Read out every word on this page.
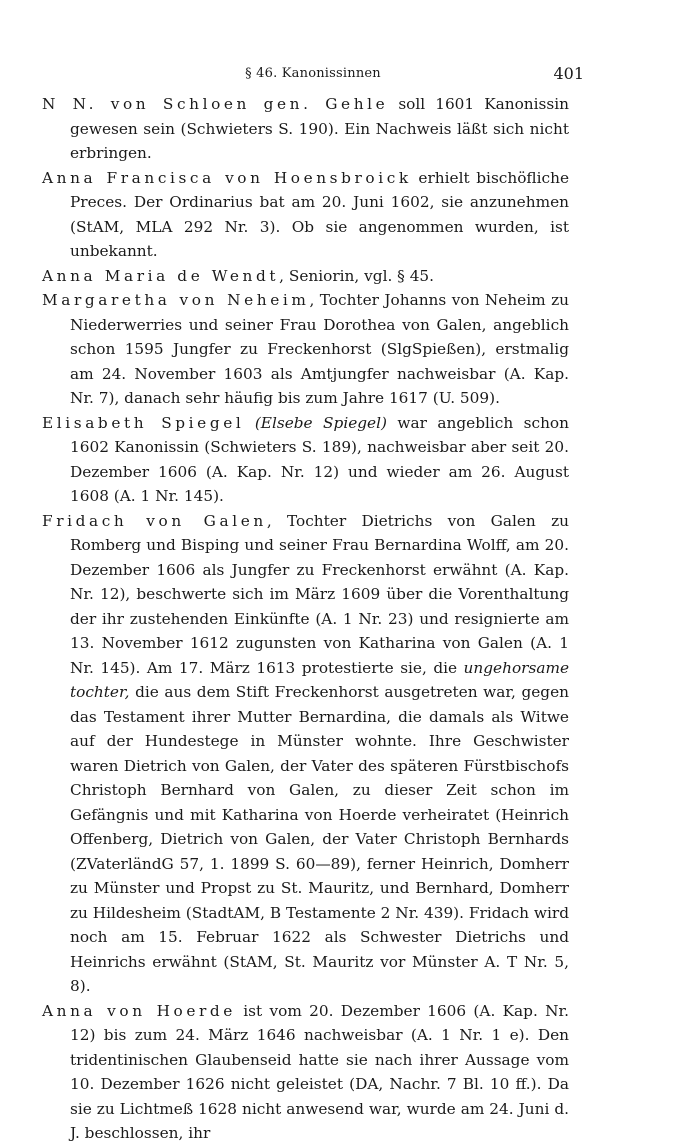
§ 46. Kanonissinnen	401

N N. von Schloen gen. Gehle soll 1601 Kanonissin gewesen sein (Schwieters S. 190). Ein Nachweis läßt sich nicht erbringen.

Anna Francisca von Hoensbroick erhielt bischöfliche Preces. Der Ordinarius bat am 20. Juni 1602, sie anzunehmen (StAM, MLA 292 Nr. 3). Ob sie angenommen wurden, ist unbekannt.

Anna Maria de Wendt, Seniorin, vgl. § 45.

Margaretha von Neheim, Tochter Johanns von Neheim zu Niederwerries und seiner Frau Dorothea von Galen, angeblich schon 1595 Jungfer zu Freckenhorst (SlgSpießen), erstmalig am 24. November 1603 als Amtjungfer nachweisbar (A. Kap. Nr. 7), danach sehr häufig bis zum Jahre 1617 (U. 509).

Elisabeth Spiegel (Elsebe Spiegel) war angeblich schon 1602 Kanonissin (Schwieters S. 189), nachweisbar aber seit 20. Dezember 1606 (A. Kap. Nr. 12) und wieder am 26. August 1608 (A. 1 Nr. 145).

Fridach von Galen, Tochter Dietrichs von Galen zu Romberg und Bisping und seiner Frau Bernardina Wolff, am 20. Dezember 1606 als Jungfer zu Freckenhorst erwähnt (A. Kap. Nr. 12), beschwerte sich im März 1609 über die Vorenthaltung der ihr zustehenden Einkünfte (A. 1 Nr. 23) und resignierte am 13. November 1612 zugunsten von Katharina von Galen (A. 1 Nr. 145). Am 17. März 1613 protestierte sie, die ungehorsame tochter, die aus dem Stift Freckenhorst ausgetreten war, gegen das Testament ihrer Mutter Bernardina, die damals als Witwe auf der Hundestege in Münster wohnte. Ihre Geschwister waren Dietrich von Galen, der Vater des späteren Fürstbischofs Christoph Bernhard von Galen, zu dieser Zeit schon im Gefängnis und mit Katharina von Hoerde verheiratet (Heinrich Offenberg, Dietrich von Galen, der Vater Christoph Bernhards (ZVaterländG 57, 1. 1899 S. 60—89), ferner Heinrich, Domherr zu Münster und Propst zu St. Mauritz, und Bernhard, Domherr zu Hildesheim (StadtAM, B Testamente 2 Nr. 439). Fridach wird noch am 15. Februar 1622 als Schwester Dietrichs und Heinrichs erwähnt (StAM, St. Mauritz vor Münster A. T Nr. 5, 8).

Anna von Hoerde ist vom 20. Dezember 1606 (A. Kap. Nr. 12) bis zum 24. März 1646 nachweisbar (A. 1 Nr. 1 e). Den tridentinischen Glaubenseid hatte sie nach ihrer Aussage vom 10. Dezember 1626 nicht geleistet (DA, Nachr. 7 Bl. 10 ff.). Da sie zu Lichtmeß 1628 nicht anwesend war, wurde am 24. Juni d. J. beschlossen, ihr
